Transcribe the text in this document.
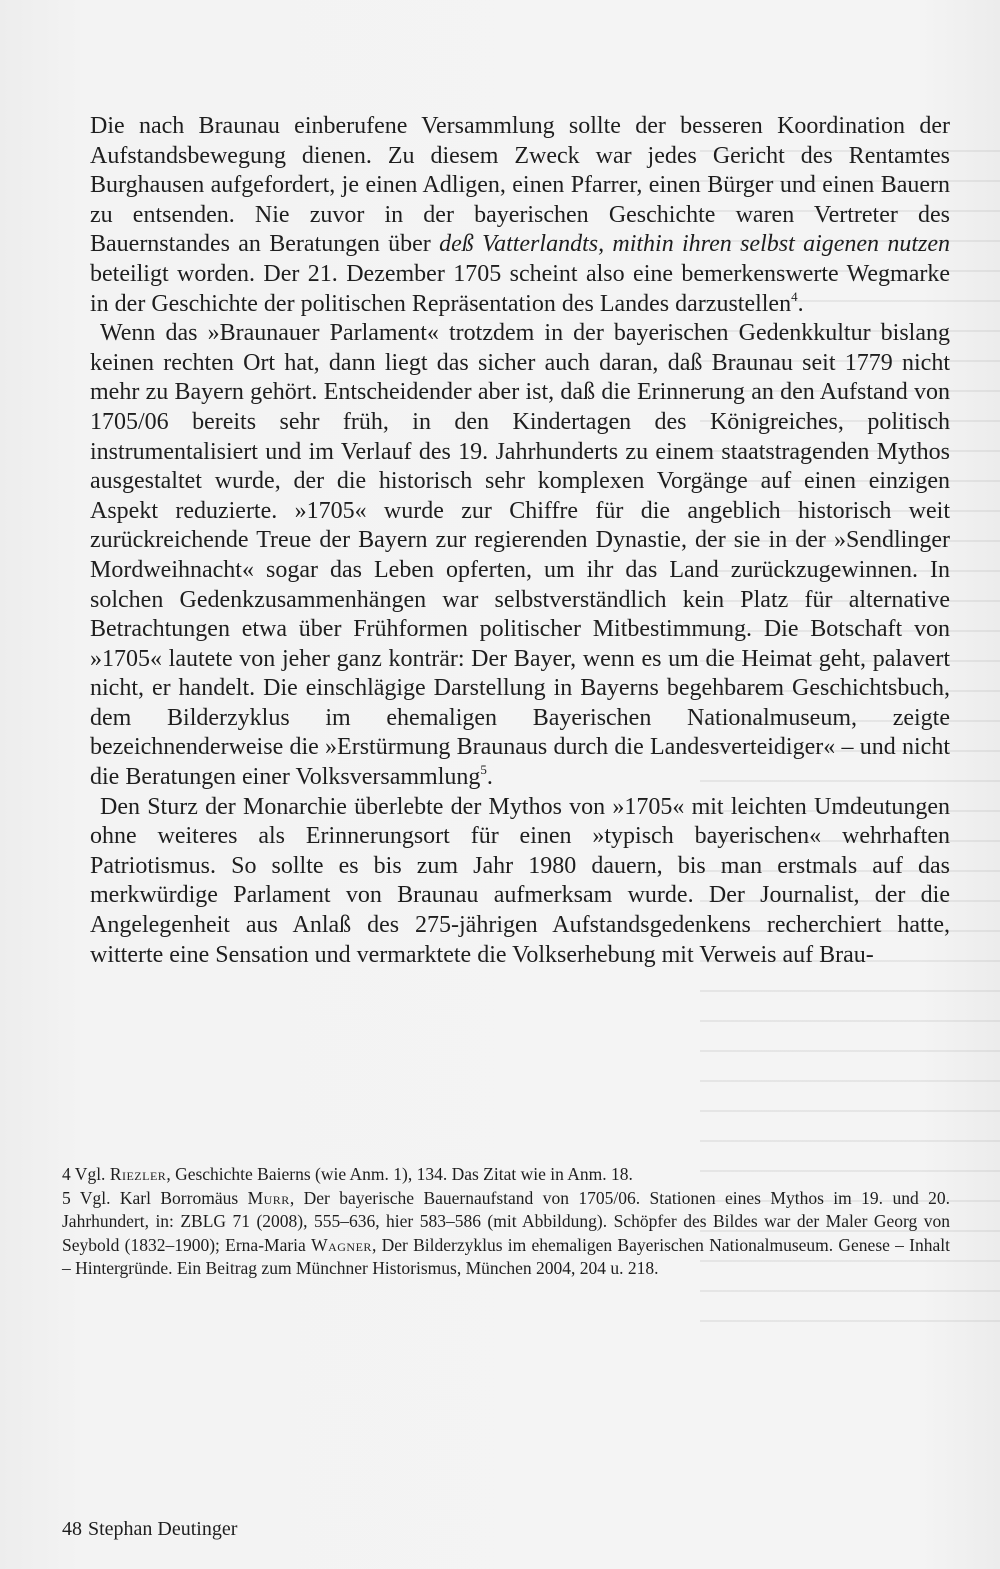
Die nach Braunau einberufene Versammlung sollte der besseren Koordination der Aufstandsbewegung dienen. Zu diesem Zweck war jedes Gericht des Rentamtes Burghausen aufgefordert, je einen Adligen, einen Pfarrer, einen Bürger und einen Bauern zu entsenden. Nie zuvor in der bayerischen Geschichte waren Vertreter des Bauernstandes an Beratungen über deß Vatterlandts, mithin ihren selbst aigenen nutzen beteiligt worden. Der 21. Dezember 1705 scheint also eine bemerkenswerte Wegmarke in der Geschichte der politischen Repräsentation des Landes darzustellen$^4$.

Wenn das »Braunauer Parlament« trotzdem in der bayerischen Gedenkkultur bislang keinen rechten Ort hat, dann liegt das sicher auch daran, daß Braunau seit 1779 nicht mehr zu Bayern gehört. Entscheidender aber ist, daß die Erinnerung an den Aufstand von 1705/06 bereits sehr früh, in den Kindertagen des Königreiches, politisch instrumentalisiert und im Verlauf des 19. Jahrhunderts zu einem staatstragenden Mythos ausgestaltet wurde, der die historisch sehr komplexen Vorgänge auf einen einzigen Aspekt reduzierte. »1705« wurde zur Chiffre für die angeblich historisch weit zurückreichende Treue der Bayern zur regierenden Dynastie, der sie in der »Sendlinger Mordweihnacht« sogar das Leben opferten, um ihr das Land zurückzugewinnen. In solchen Gedenkzusammenhängen war selbstverständlich kein Platz für alternative Betrachtungen etwa über Frühformen politischer Mitbestimmung. Die Botschaft von »1705« lautete von jeher ganz konträr: Der Bayer, wenn es um die Heimat geht, palavert nicht, er handelt. Die einschlägige Darstellung in Bayerns begehbarem Geschichtsbuch, dem Bilderzyklus im ehemaligen Bayerischen Nationalmuseum, zeigte bezeichnenderweise die »Erstürmung Braunaus durch die Landesverteidiger« – und nicht die Beratungen einer Volksversammlung$^5$.

Den Sturz der Monarchie überlebte der Mythos von »1705« mit leichten Umdeutungen ohne weiteres als Erinnerungsort für einen »typisch bayerischen« wehrhaften Patriotismus. So sollte es bis zum Jahr 1980 dauern, bis man erstmals auf das merkwürdige Parlament von Braunau aufmerksam wurde. Der Journalist, der die Angelegenheit aus Anlaß des 275-jährigen Aufstandsgedenkens recherchiert hatte, witterte eine Sensation und vermarktete die Volkserhebung mit Verweis auf Brau-

4 Vgl. Riezler, Geschichte Baierns (wie Anm. 1), 134. Das Zitat wie in Anm. 18.

5 Vgl. Karl Borromäus Murr, Der bayerische Bauernaufstand von 1705/06. Stationen eines Mythos im 19. und 20. Jahrhundert, in: ZBLG 71 (2008), 555–636, hier 583–586 (mit Abbildung). Schöpfer des Bildes war der Maler Georg von Seybold (1832–1900); Erna-Maria Wagner, Der Bilderzyklus im ehemaligen Bayerischen Nationalmuseum. Genese – Inhalt – Hintergründe. Ein Beitrag zum Münchner Historismus, München 2004, 204 u. 218.

48 Stephan Deutinger
